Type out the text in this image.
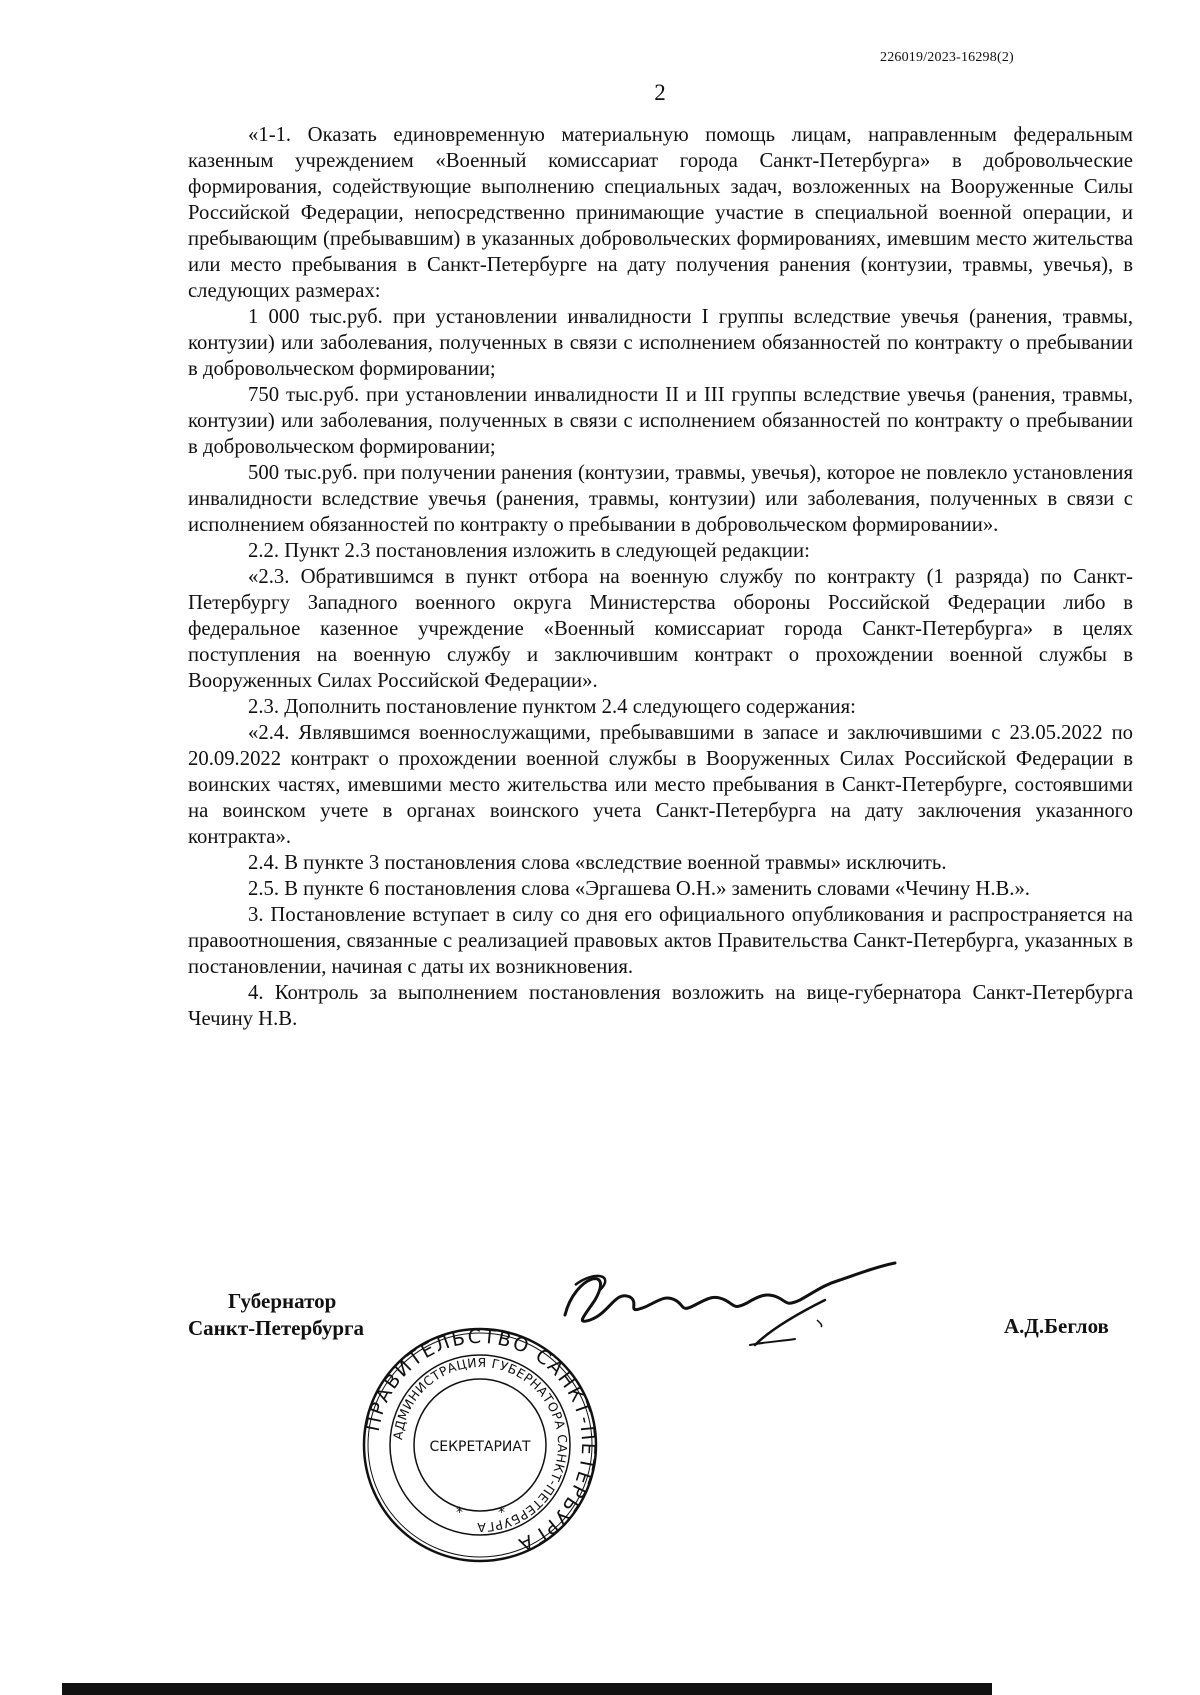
226019/2023-16298(2)
2

«1-1. Оказать единовременную материальную помощь лицам, направленным федеральным казенным учреждением «Военный комиссариат города Санкт-Петербурга» в добровольческие формирования, содействующие выполнению специальных задач, возложенных на Вооруженные Силы Российской Федерации, непосредственно принимающие участие в специальной военной операции, и пребывающим (пребывавшим) в указанных добровольческих формированиях, имевшим место жительства или место пребывания в Санкт-Петербурге на дату получения ранения (контузии, травмы, увечья), в следующих размерах:

1 000 тыс.руб. при установлении инвалидности I группы вследствие увечья (ранения, травмы, контузии) или заболевания, полученных в связи с исполнением обязанностей по контракту о пребывании в добровольческом формировании;

750 тыс.руб. при установлении инвалидности II и III группы вследствие увечья (ранения, травмы, контузии) или заболевания, полученных в связи с исполнением обязанностей по контракту о пребывании в добровольческом формировании;

500 тыс.руб. при получении ранения (контузии, травмы, увечья), которое не повлекло установления инвалидности вследствие увечья (ранения, травмы, контузии) или заболевания, полученных в связи с исполнением обязанностей по контракту о пребывании в добровольческом формировании».

2.2. Пункт 2.3 постановления изложить в следующей редакции:

«2.3. Обратившимся в пункт отбора на военную службу по контракту (1 разряда) по Санкт-Петербургу Западного военного округа Министерства обороны Российской Федерации либо в федеральное казенное учреждение «Военный комиссариат города Санкт-Петербурга» в целях поступления на военную службу и заключившим контракт о прохождении военной службы в Вооруженных Силах Российской Федерации».

2.3. Дополнить постановление пунктом 2.4 следующего содержания:

«2.4. Являвшимся военнослужащими, пребывавшими в запасе и заключившими с 23.05.2022 по 20.09.2022 контракт о прохождении военной службы в Вооруженных Силах Российской Федерации в воинских частях, имевшими место жительства или место пребывания в Санкт-Петербурге, состоявшими на воинском учете в органах воинского учета Санкт-Петербурга на дату заключения указанного контракта».

2.4. В пункте 3 постановления слова «вследствие военной травмы» исключить.

2.5. В пункте 6 постановления слова «Эргашева О.Н.» заменить словами «Чечину Н.В.».

3. Постановление вступает в силу со дня его официального опубликования и распространяется на правоотношения, связанные с реализацией правовых актов Правительства Санкт-Петербурга, указанных в постановлении, начиная с даты их возникновения.

4. Контроль за выполнением постановления возложить на вице-губернатора Санкт-Петербурга Чечину Н.В.

Губернатор
Санкт-Петербурга	А.Д.Беглов
ПРАВИТЕЛЬСТВО САНКТ-ПЕТЕРБУРГА
АДМИНИСТРАЦИЯ ГУБЕРНАТОРА САНКТ-ПЕТЕРБУРГА
СЕКРЕТАРИАТ
*	*
